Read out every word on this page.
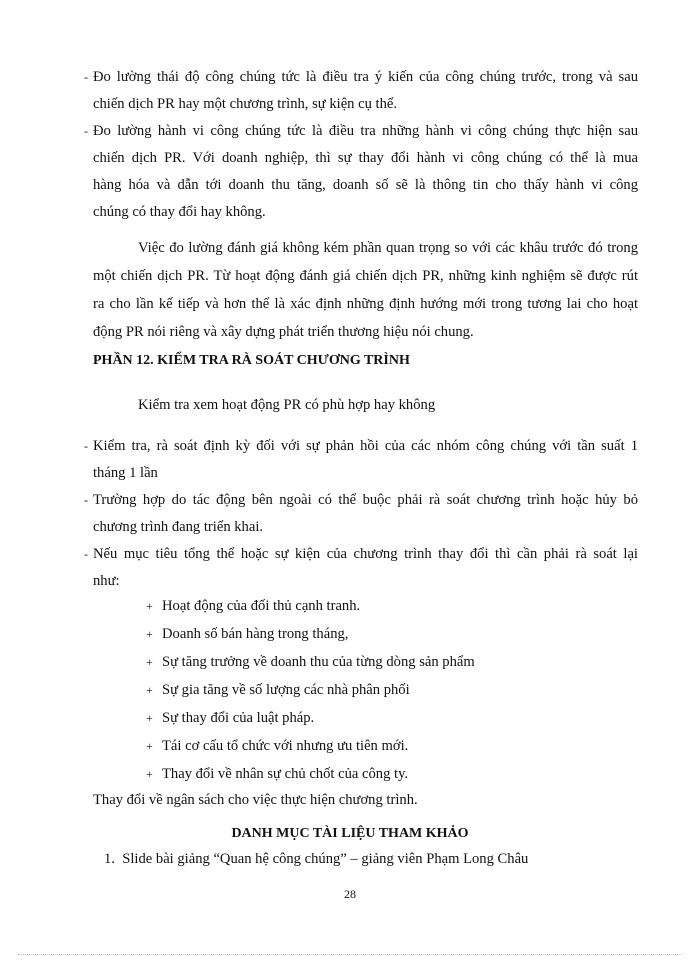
- Đo lường thái độ công chúng tức là điều tra ý kiến của công chúng trước, trong và sau
chiến dịch PR hay một chương trình, sự kiện cụ thể.
- Đo lường hành vi công chúng tức là điều tra những hành vi công chúng thực hiện sau
chiến dịch PR. Với doanh nghiệp, thì sự thay đổi hành vi công chúng có thể là mua
hàng hóa và dẫn tới doanh thu tăng, doanh số sẽ là thông tin cho thấy hành vi công
chúng có thay đổi hay không.
Việc đo lường đánh giá không kém phần quan trọng so với các khâu trước đó trong
một chiến dịch PR. Từ hoạt động đánh giá chiến dịch PR, những kinh nghiệm sẽ được rút
ra cho lần kế tiếp và hơn thế là xác định những định hướng mới trong tương lai cho hoạt
động PR nói riêng và xây dựng phát triển thương hiệu nói chung.
PHẦN 12. KIỂM TRA RÀ SOÁT CHƯƠNG TRÌNH
Kiểm tra xem hoạt động PR có phù hợp hay không
- Kiểm tra, rà soát định kỳ đối với sự phản hồi của các nhóm công chúng với tần suất 1
tháng 1 lần
- Trường hợp do tác động bên ngoài có thể buộc phải rà soát chương trình hoặc hủy bỏ
chương trình đang triển khai.
- Nếu mục tiêu tổng thể hoặc sự kiện của chương trình thay đổi thì cần phải rà soát lại
như:
+ Hoạt động của đối thủ cạnh tranh.
+ Doanh số bán hàng trong tháng,
+ Sự tăng trưởng về doanh thu của từng dòng sản phẩm
+ Sự gia tăng về số lượng các nhà phân phối
+ Sự thay đổi của luật pháp.
+ Tái cơ cấu tổ chức với nhưng ưu tiên mới.
+ Thay đổi về nhân sự chủ chốt của công ty.
Thay đổi về ngân sách cho việc thực hiện chương trình.
DANH MỤC TÀI LIỆU THAM KHẢO
1. Slide bài giảng “Quan hệ công chúng” – giảng viên Phạm Long Châu
28
